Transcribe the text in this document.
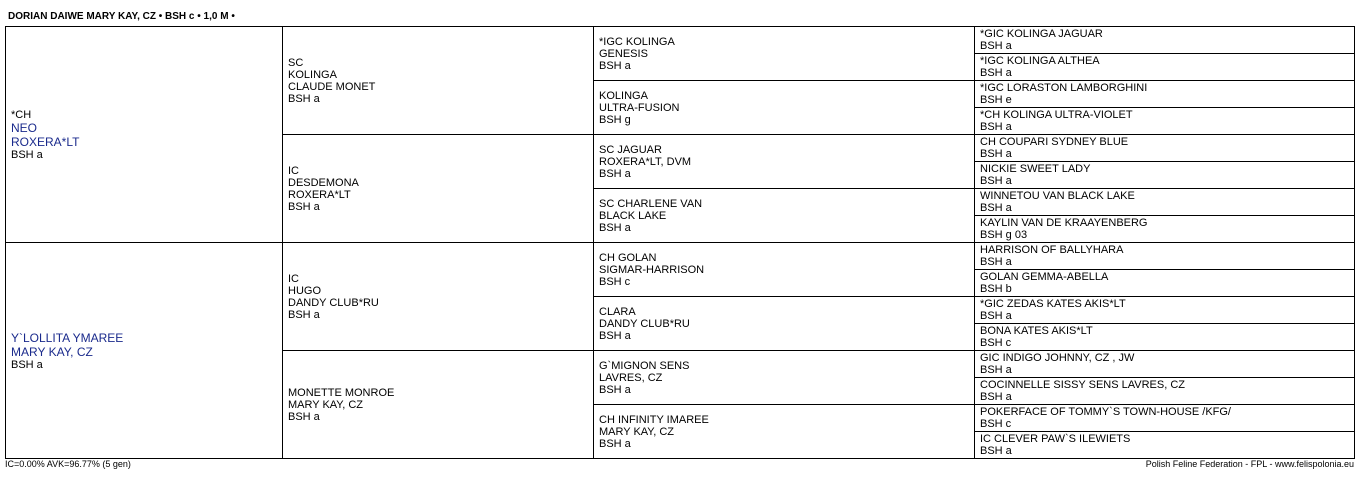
DORIAN DAIWE MARY KAY, CZ • BSH c • 1,0 M •
*CH
NEO
ROXERA*LT
BSH a	SC
KOLINGA
CLAUDE MONET
BSH a	*IGC KOLINGA
GENESIS
BSH a	*GIC KOLINGA JAGUAR
BSH a

			*IGC KOLINGA ALTHEA
BSH a

		KOLINGA
ULTRA-FUSION
BSH g	*IGC LORASTON LAMBORGHINI
BSH e

			*CH KOLINGA ULTRA-VIOLET
BSH a

	IC
DESDEMONA
ROXERA*LT
BSH a	SC JAGUAR
ROXERA*LT, DVM
BSH a	CH COUPARI SYDNEY BLUE
BSH a

			NICKIE SWEET LADY
BSH a

		SC CHARLENE VAN
BLACK LAKE
BSH a	WINNETOU VAN BLACK LAKE
BSH a

			KAYLIN VAN DE KRAAYENBERG
BSH g 03

Y`LOLLITA YMAREE
MARY KAY, CZ
BSH a	IC
HUGO
DANDY CLUB*RU
BSH a	CH GOLAN
SIGMAR-HARRISON
BSH c	HARRISON OF BALLYHARA
BSH a

			GOLAN GEMMA-ABELLA
BSH b

		CLARA
DANDY CLUB*RU
BSH a	*GIC ZEDAS KATES AKIS*LT
BSH a

			BONA KATES AKIS*LT
BSH c

	MONETTE MONROE
MARY KAY, CZ
BSH a	G`MIGNON SENS
LAVRES, CZ
BSH a	GIC INDIGO JOHNNY, CZ , JW
BSH a

			COCINNELLE SISSY SENS LAVRES, CZ
BSH a

		CH INFINITY IMAREE
MARY KAY, CZ
BSH a	POKERFACE OF TOMMY`S TOWN-HOUSE /KFG/
BSH c

			IC CLEVER PAW`S ILEWIETS
BSH a
IC=0.00% AVK=96.77% (5 gen)	Polish Feline Federation - FPL - www.felispolonia.eu
